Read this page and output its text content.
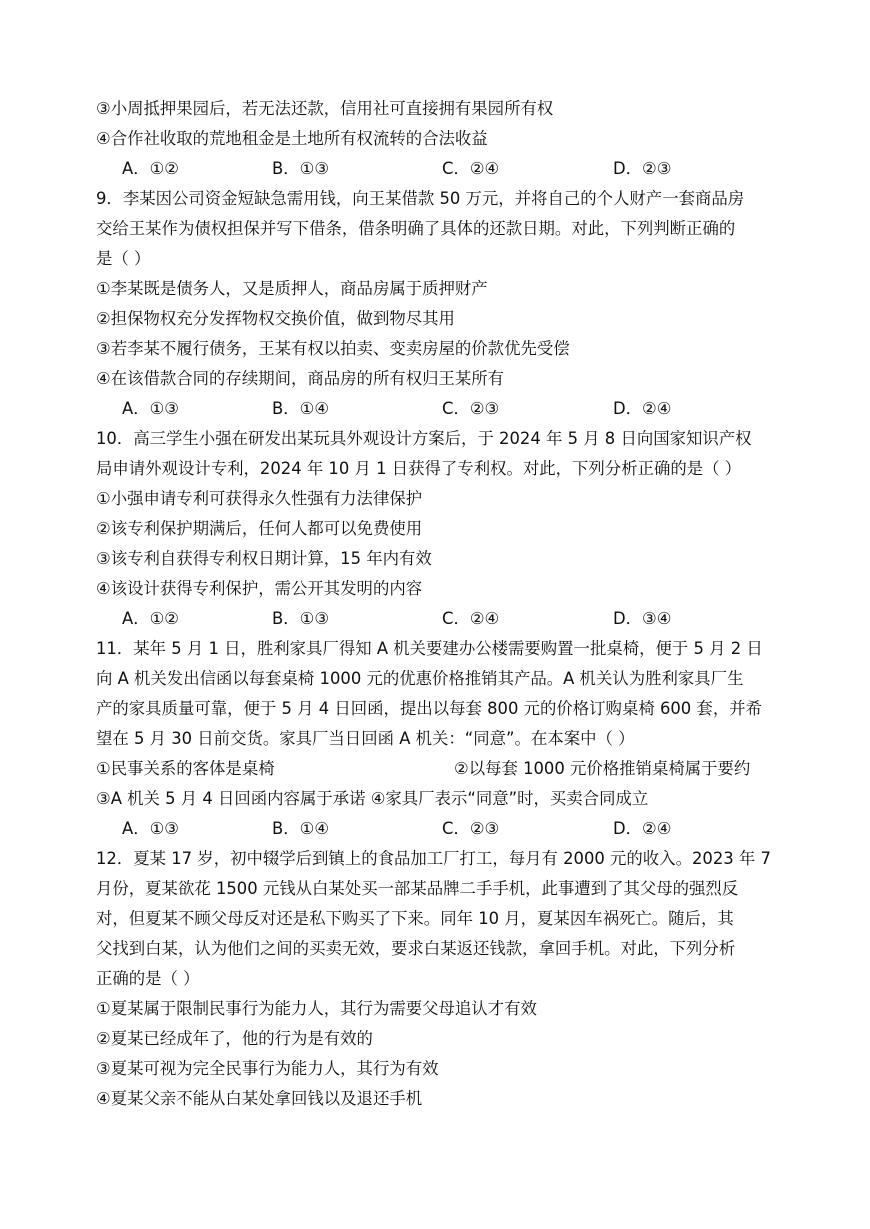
③小周抵押果园后，若无法还款，信用社可直接拥有果园所有权
④合作社收取的荒地租金是土地所有权流转的合法收益
A．①②	B．①③	C．②④	D．②③
9．李某因公司资金短缺急需用钱，向王某借款 50 万元，并将自己的个人财产一套商品房
交给王某作为债权担保并写下借条，借条明确了具体的还款日期。对此，下列判断正确的
是（ ）
①李某既是债务人，又是质押人，商品房属于质押财产
②担保物权充分发挥物权交换价值，做到物尽其用
③若李某不履行债务，王某有权以拍卖、变卖房屋的价款优先受偿
④在该借款合同的存续期间，商品房的所有权归王某所有
A．①③	B．①④	C．②③	D．②④
10．高三学生小强在研发出某玩具外观设计方案后，于 2024 年 5 月 8 日向国家知识产权
局申请外观设计专利，2024 年 10 月 1 日获得了专利权。对此，下列分析正确的是（ ）
①小强申请专利可获得永久性强有力法律保护
②该专利保护期满后，任何人都可以免费使用
③该专利自获得专利权日期计算，15 年内有效
④该设计获得专利保护，需公开其发明的内容
A．①②	B．①③	C．②④	D．③④
11．某年 5 月 1 日，胜利家具厂得知 A 机关要建办公楼需要购置一批桌椅，便于 5 月 2 日
向 A 机关发出信函以每套桌椅 1000 元的优惠价格推销其产品。A 机关认为胜利家具厂生
产的家具质量可靠，便于 5 月 4 日回函，提出以每套 800 元的价格订购桌椅 600 套，并希
望在 5 月 30 日前交货。家具厂当日回函 A 机关：“同意”。在本案中（ ）
①民事关系的客体是桌椅	②以每套 1000 元价格推销桌椅属于要约
③A 机关 5 月 4 日回函内容属于承诺 ④家具厂表示“同意”时，买卖合同成立
A．①③	B．①④	C．②③	D．②④
12．夏某 17 岁，初中辍学后到镇上的食品加工厂打工，每月有 2000 元的收入。2023 年 7
月份，夏某欲花 1500 元钱从白某处买一部某品牌二手手机，此事遭到了其父母的强烈反
对，但夏某不顾父母反对还是私下购买了下来。同年 10 月，夏某因车祸死亡。随后，其
父找到白某，认为他们之间的买卖无效，要求白某返还钱款，拿回手机。对此，下列分析
正确的是（ ）
①夏某属于限制民事行为能力人，其行为需要父母追认才有效
②夏某已经成年了，他的行为是有效的
③夏某可视为完全民事行为能力人，其行为有效
④夏某父亲不能从白某处拿回钱以及退还手机
